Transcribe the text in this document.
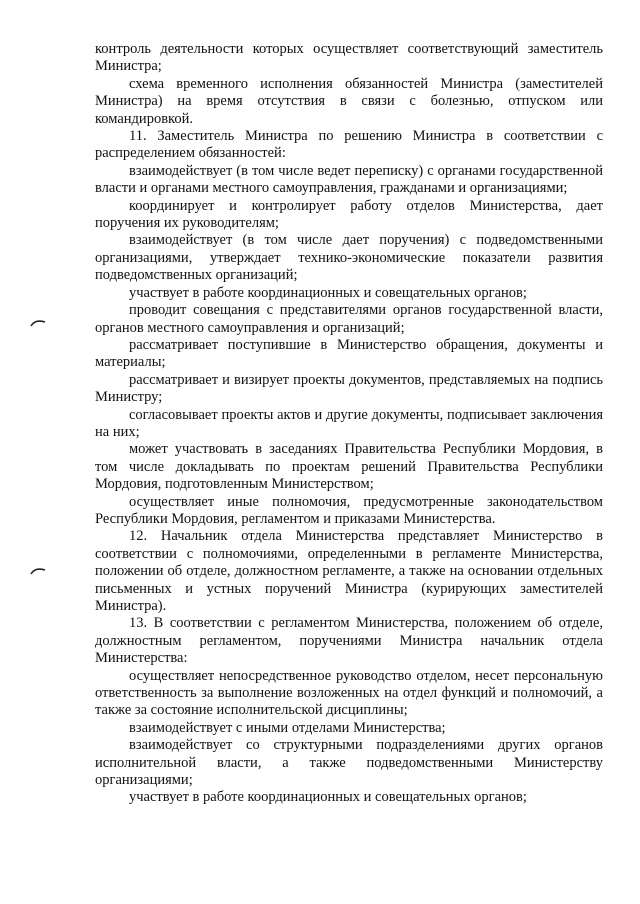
контроль деятельности которых осуществляет соответствующий заместитель Министра;

схема временного исполнения обязанностей Министра (заместителей Министра) на время отсутствия в связи с болезнью, отпуском или командировкой.

11. Заместитель Министра по решению Министра в соответствии с распределением обязанностей:

взаимодействует (в том числе ведет переписку) с органами государственной власти и органами местного самоуправления, гражданами и организациями;

координирует и контролирует работу отделов Министерства, дает поручения их руководителям;

взаимодействует (в том числе дает поручения) с подведомственными организациями, утверждает технико-экономические показатели развития подведомственных организаций;

участвует в работе координационных и совещательных органов;

проводит совещания с представителями органов государственной власти, органов местного самоуправления и организаций;

рассматривает поступившие в Министерство обращения, документы и материалы;

рассматривает и визирует проекты документов, представляемых на подпись Министру;

согласовывает проекты актов и другие документы, подписывает заключения на них;

может участвовать в заседаниях Правительства Республики Мордовия, в том числе докладывать по проектам решений Правительства Республики Мордовия, подготовленным Министерством;

осуществляет иные полномочия, предусмотренные законодательством Республики Мордовия, регламентом и приказами Министерства.

12. Начальник отдела Министерства представляет Министерство в соответствии с полномочиями, определенными в регламенте Министерства, положении об отделе, должностном регламенте, а также на основании отдельных письменных и устных поручений Министра (курирующих заместителей Министра).

13. В соответствии с регламентом Министерства, положением об отделе, должностным регламентом, поручениями Министра начальник отдела Министерства:

осуществляет непосредственное руководство отделом, несет персональную ответственность за выполнение возложенных на отдел функций и полномочий, а также за состояние исполнительской дисциплины;

взаимодействует с иными отделами Министерства;

взаимодействует со структурными подразделениями других органов исполнительной власти, а также подведомственными Министерству организациями;

участвует в работе координационных и совещательных органов;
